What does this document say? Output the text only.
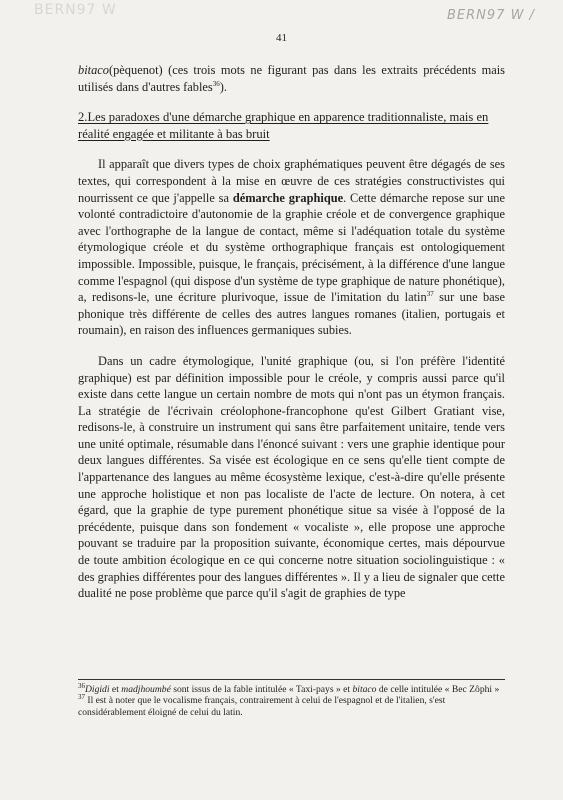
BERN97 W	BERN97 W /
41

bitaco(pèquenot) (ces trois mots ne figurant pas dans les extraits précédents mais utilisés dans d'autres fables$^{36}$).

2.Les paradoxes d'une démarche graphique en apparence traditionnaliste, mais en réalité engagée et militante à bas bruit

Il apparaît que divers types de choix graphématiques peuvent être dégagés de ses textes, qui correspondent à la mise en œuvre de ces stratégies constructivistes qui nourrissent ce que j'appelle sa démarche graphique. Cette démarche repose sur une volonté contradictoire d'autonomie de la graphie créole et de convergence graphique avec l'orthographe de la langue de contact, même si l'adéquation totale du système étymologique créole et du système orthographique français est ontologiquement impossible. Impossible, puisque, le français, précisément, à la différence d'une langue comme l'espagnol (qui dispose d'un système de type graphique de nature phonétique), a, redisons-le, une écriture plurivoque, issue de l'imitation du latin$^{37}$ sur une base phonique très différente de celles des autres langues romanes (italien, portugais et roumain), en raison des influences germaniques subies.

Dans un cadre étymologique, l'unité graphique (ou, si l'on préfère l'identité graphique) est par définition impossible pour le créole, y compris aussi parce qu'il existe dans cette langue un certain nombre de mots qui n'ont pas un étymon français. La stratégie de l'écrivain créolophone-francophone qu'est Gilbert Gratiant vise, redisons-le, à construire un instrument qui sans être parfaitement unitaire, tende vers une unité optimale, résumable dans l'énoncé suivant : vers une graphie identique pour deux langues différentes. Sa visée est écologique en ce sens qu'elle tient compte de l'appartenance des langues au même écosystème lexique, c'est-à-dire qu'elle présente une approche holistique et non pas localiste de l'acte de lecture. On notera, à cet égard, que la graphie de type purement phonétique situe sa visée à l'opposé de la précédente, puisque dans son fondement « vocaliste », elle propose une approche pouvant se traduire par la proposition suivante, économique certes, mais dépourvue de toute ambition écologique en ce qui concerne notre situation sociolinguistique : « des graphies différentes pour des langues différentes ». Il y a lieu de signaler que cette dualité ne pose problème que parce qu'il s'agit de graphies de type

$^{36}$Digidi et madjhoumbé sont issus de la fable intitulée « Taxi-pays » et bitaco de celle intitulée « Bec Zôphi »

$^{37}$ Il est à noter que le vocalisme français, contrairement à celui de l'espagnol et de l'italien, s'est considérablement éloigné de celui du latin.
